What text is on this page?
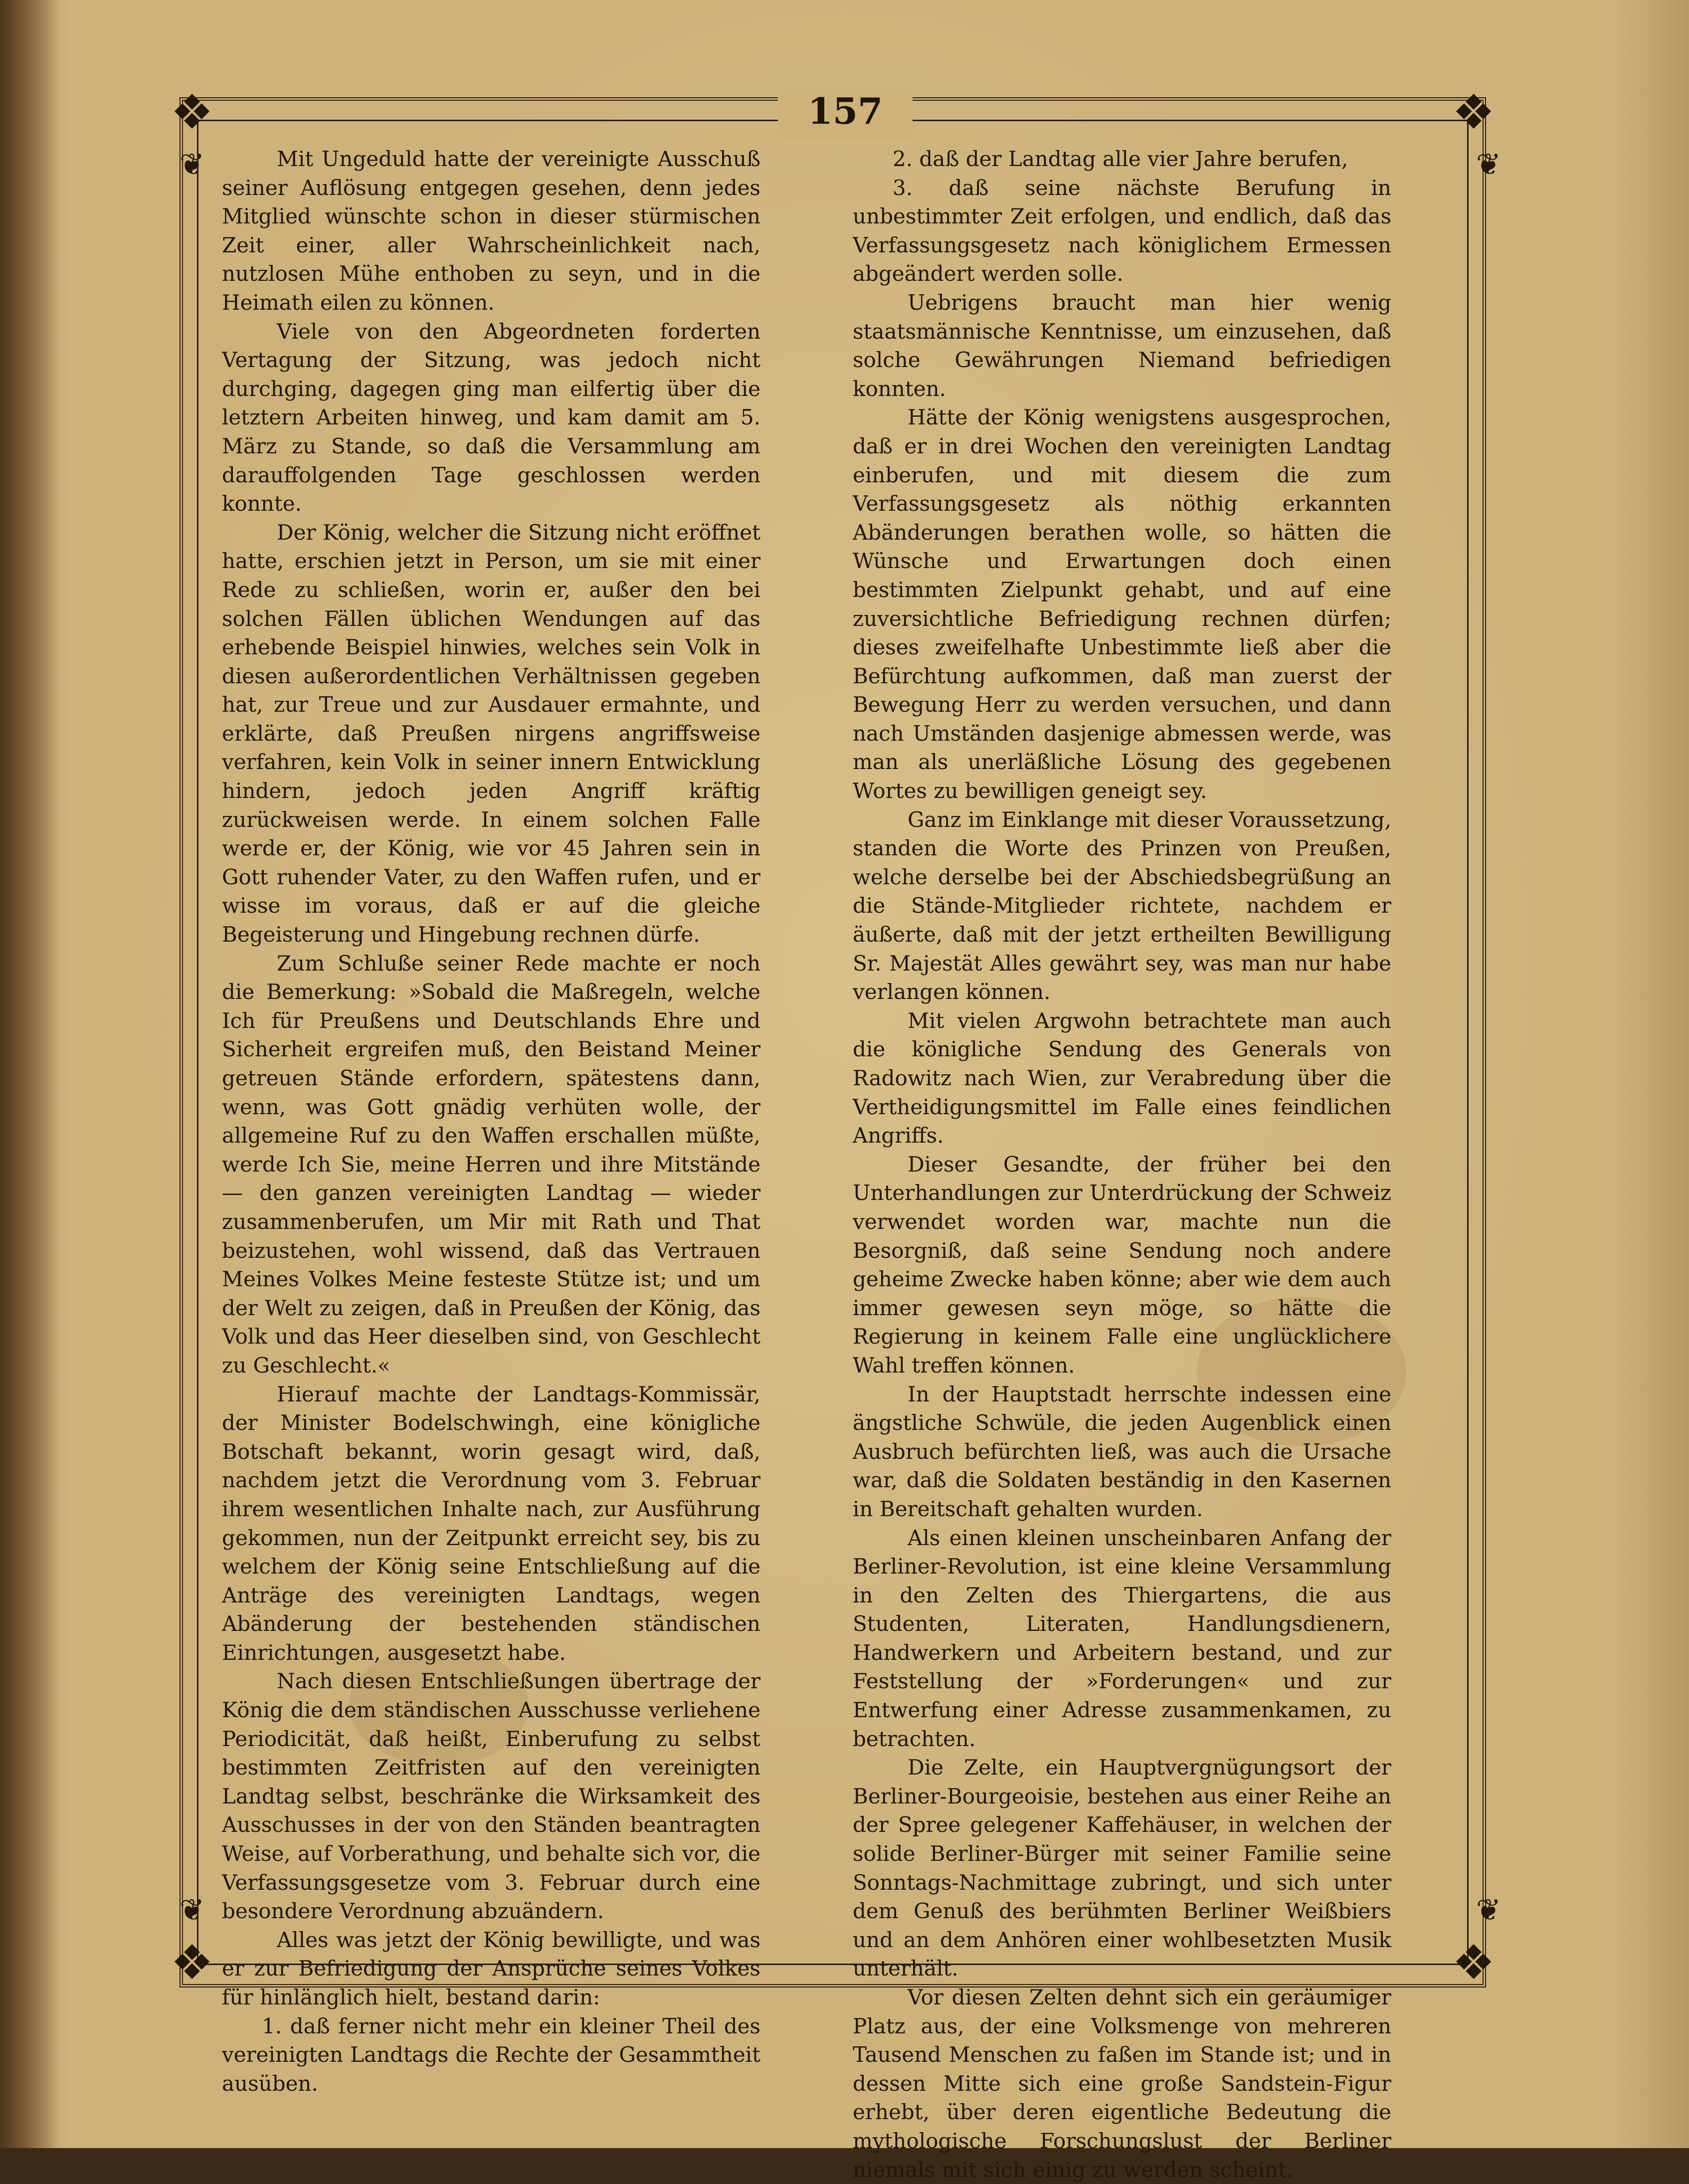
❖	❖
❖	❖
❦	❦
❦	❦
157

Mit Ungeduld hatte der vereinigte Ausschuß seiner Auflösung entgegen gesehen, denn jedes Mitglied wünschte schon in dieser stürmischen Zeit einer, aller Wahrscheinlichkeit nach, nutzlosen Mühe enthoben zu seyn, und in die Heimath eilen zu können.

Viele von den Abgeordneten forderten Vertagung der Sitzung, was jedoch nicht durchging, dagegen ging man eilfertig über die letztern Arbeiten hinweg, und kam damit am 5. März zu Stande, so daß die Versammlung am darauffolgenden Tage geschlossen werden konnte.

Der König, welcher die Sitzung nicht eröffnet hatte, erschien jetzt in Person, um sie mit einer Rede zu schließen, worin er, außer den bei solchen Fällen üblichen Wendungen auf das erhebende Beispiel hinwies, welches sein Volk in diesen außerordentlichen Verhältnissen gegeben hat, zur Treue und zur Ausdauer ermahnte, und erklärte, daß Preußen nirgens angriffsweise verfahren, kein Volk in seiner innern Entwicklung hindern, jedoch jeden Angriff kräftig zurückweisen werde. In einem solchen Falle werde er, der König, wie vor 45 Jahren sein in Gott ruhender Vater, zu den Waffen rufen, und er wisse im voraus, daß er auf die gleiche Begeisterung und Hingebung rechnen dürfe.

Zum Schluße seiner Rede machte er noch die Bemerkung: »Sobald die Maßregeln, welche Ich für Preußens und Deutschlands Ehre und Sicherheit ergreifen muß, den Beistand Meiner getreuen Stände erfordern, spätestens dann, wenn, was Gott gnädig verhüten wolle, der allgemeine Ruf zu den Waffen erschallen müßte, werde Ich Sie, meine Herren und ihre Mitstände — den ganzen vereinigten Landtag — wieder zusammenberufen, um Mir mit Rath und That beizustehen, wohl wissend, daß das Vertrauen Meines Volkes Meine festeste Stütze ist; und um der Welt zu zeigen, daß in Preußen der König, das Volk und das Heer dieselben sind, von Geschlecht zu Geschlecht.«

Hierauf machte der Landtags-Kommissär, der Minister Bodelschwingh, eine königliche Botschaft bekannt, worin gesagt wird, daß, nachdem jetzt die Verordnung vom 3. Februar ihrem wesentlichen Inhalte nach, zur Ausführung gekommen, nun der Zeitpunkt erreicht sey, bis zu welchem der König seine Entschließung auf die Anträge des vereinigten Landtags, wegen Abänderung der bestehenden ständischen Einrichtungen, ausgesetzt habe.

Nach diesen Entschließungen übertrage der König die dem ständischen Ausschusse verliehene Periodicität, daß heißt, Einberufung zu selbst bestimmten Zeitfristen auf den vereinigten Landtag selbst, beschränke die Wirksamkeit des Ausschusses in der von den Ständen beantragten Weise, auf Vorberathung, und behalte sich vor, die Verfassungsgesetze vom 3. Februar durch eine besondere Verordnung abzuändern.

Alles was jetzt der König bewilligte, und was er zur Befriedigung der Ansprüche seines Volkes für hinlänglich hielt, bestand darin:

1. daß ferner nicht mehr ein kleiner Theil des vereinigten Landtags die Rechte der Gesammtheit ausüben.

2. daß der Landtag alle vier Jahre berufen,

3. daß seine nächste Berufung in unbestimmter Zeit erfolgen, und endlich, daß das Verfassungsgesetz nach königlichem Ermessen abgeändert werden solle.

Uebrigens braucht man hier wenig staatsmännische Kenntnisse, um einzusehen, daß solche Gewährungen Niemand befriedigen konnten.

Hätte der König wenigstens ausgesprochen, daß er in drei Wochen den vereinigten Landtag einberufen, und mit diesem die zum Verfassungsgesetz als nöthig erkannten Abänderungen berathen wolle, so hätten die Wünsche und Erwartungen doch einen bestimmten Zielpunkt gehabt, und auf eine zuversichtliche Befriedigung rechnen dürfen; dieses zweifelhafte Unbestimmte ließ aber die Befürchtung aufkommen, daß man zuerst der Bewegung Herr zu werden versuchen, und dann nach Umständen dasjenige abmessen werde, was man als unerläßliche Lösung des gegebenen Wortes zu bewilligen geneigt sey.

Ganz im Einklange mit dieser Voraussetzung, standen die Worte des Prinzen von Preußen, welche derselbe bei der Abschiedsbegrüßung an die Stände-Mitglieder richtete, nachdem er äußerte, daß mit der jetzt ertheilten Bewilligung Sr. Majestät Alles gewährt sey, was man nur habe verlangen können.

Mit vielen Argwohn betrachtete man auch die königliche Sendung des Generals von Radowitz nach Wien, zur Verabredung über die Vertheidigungsmittel im Falle eines feindlichen Angriffs.

Dieser Gesandte, der früher bei den Unterhandlungen zur Unterdrückung der Schweiz verwendet worden war, machte nun die Besorgniß, daß seine Sendung noch andere geheime Zwecke haben könne; aber wie dem auch immer gewesen seyn möge, so hätte die Regierung in keinem Falle eine unglücklichere Wahl treffen können.

In der Hauptstadt herrschte indessen eine ängstliche Schwüle, die jeden Augenblick einen Ausbruch befürchten ließ, was auch die Ursache war, daß die Soldaten beständig in den Kasernen in Bereitschaft gehalten wurden.

Als einen kleinen unscheinbaren Anfang der Berliner-Revolution, ist eine kleine Versammlung in den Zelten des Thiergartens, die aus Studenten, Literaten, Handlungsdienern, Handwerkern und Arbeitern bestand, und zur Feststellung der »Forderungen« und zur Entwerfung einer Adresse zusammenkamen, zu betrachten.

Die Zelte, ein Hauptvergnügungsort der Berliner-Bourgeoisie, bestehen aus einer Reihe an der Spree gelegener Kaffehäuser, in welchen der solide Berliner-Bürger mit seiner Familie seine Sonntags-Nachmittage zubringt, und sich unter dem Genuß des berühmten Berliner Weißbiers und an dem Anhören einer wohlbesetzten Musik unterhält.

Vor diesen Zelten dehnt sich ein geräumiger Platz aus, der eine Volksmenge von mehreren Tausend Menschen zu faßen im Stande ist; und in dessen Mitte sich eine große Sandstein-Figur erhebt, über deren eigentliche Bedeutung die mythologische Forschungslust der Berliner niemals mit sich einig zu werden scheint.
